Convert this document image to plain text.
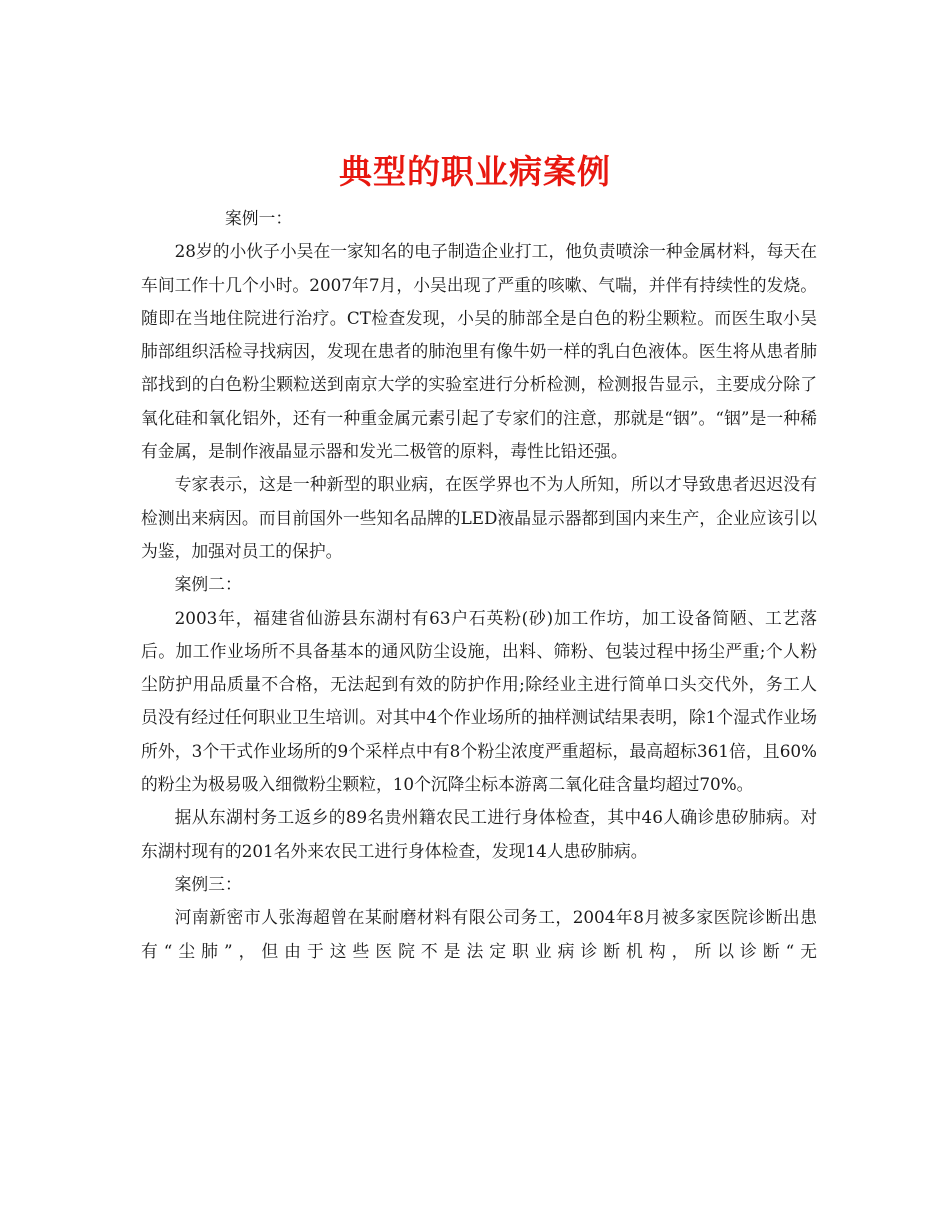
典型的职业病案例

案例一：

28岁的小伙子小吴在一家知名的电子制造企业打工，他负责喷涂一种金属材料，每天在车间工作十几个小时。2007年7月，小吴出现了严重的咳嗽、气喘，并伴有持续性的发烧。随即在当地住院进行治疗。CT检查发现，小吴的肺部全是白色的粉尘颗粒。而医生取小吴肺部组织活检寻找病因，发现在患者的肺泡里有像牛奶一样的乳白色液体。医生将从患者肺部找到的白色粉尘颗粒送到南京大学的实验室进行分析检测，检测报告显示，主要成分除了氧化硅和氧化铝外，还有一种重金属元素引起了专家们的注意，那就是“铟”。“铟”是一种稀有金属，是制作液晶显示器和发光二极管的原料，毒性比铅还强。

专家表示，这是一种新型的职业病，在医学界也不为人所知，所以才导致患者迟迟没有检测出来病因。而目前国外一些知名品牌的LED液晶显示器都到国内来生产，企业应该引以为鉴，加强对员工的保护。

案例二：

2003年，福建省仙游县东湖村有63户石英粉(砂)加工作坊，加工设备简陋、工艺落后。加工作业场所不具备基本的通风防尘设施，出料、筛粉、包装过程中扬尘严重;个人粉尘防护用品质量不合格，无法起到有效的防护作用;除经业主进行简单口头交代外，务工人员没有经过任何职业卫生培训。对其中4个作业场所的抽样测试结果表明，除1个湿式作业场所外，3个干式作业场所的9个采样点中有8个粉尘浓度严重超标，最高超标361倍，且60%的粉尘为极易吸入细微粉尘颗粒，10个沉降尘标本游离二氧化硅含量均超过70%。

据从东湖村务工返乡的89名贵州籍农民工进行身体检查，其中46人确诊患矽肺病。对东湖村现有的201名外来农民工进行身体检查，发现14人患矽肺病。

案例三：

河南新密市人张海超曾在某耐磨材料有限公司务工，2004年8月被多家医院诊断出患有“尘肺”，但由于这些医院不是法定职业病诊断机构，所以诊断“无
